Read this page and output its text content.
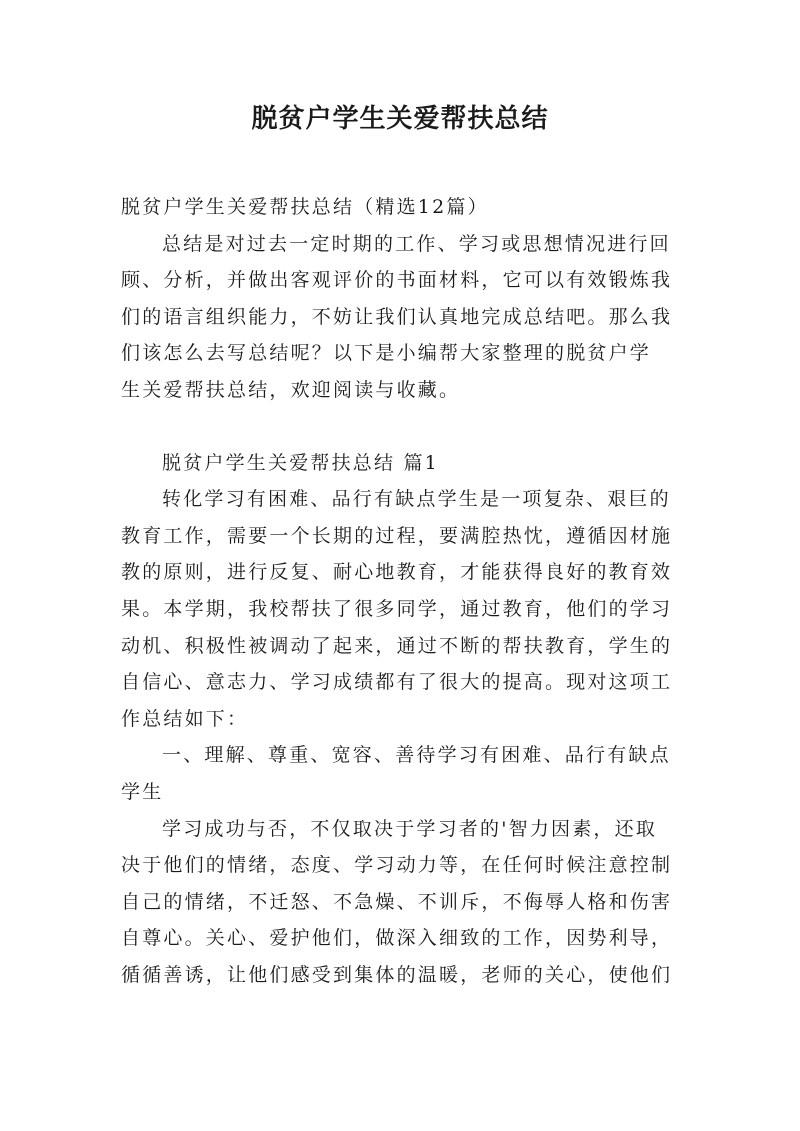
脱贫户学生关爱帮扶总结
脱贫户学生关爱帮扶总结（精选12篇）
总结是对过去一定时期的工作、学习或思想情况进行回
顾、分析，并做出客观评价的书面材料，它可以有效锻炼我
们的语言组织能力，不妨让我们认真地完成总结吧。那么我
们该怎么去写总结呢？以下是小编帮大家整理的脱贫户学
生关爱帮扶总结，欢迎阅读与收藏。
脱贫户学生关爱帮扶总结 篇1
转化学习有困难、品行有缺点学生是一项复杂、艰巨的
教育工作，需要一个长期的过程，要满腔热忱，遵循因材施
教的原则，进行反复、耐心地教育，才能获得良好的教育效
果。本学期，我校帮扶了很多同学，通过教育，他们的学习
动机、积极性被调动了起来，通过不断的帮扶教育，学生的
自信心、意志力、学习成绩都有了很大的提高。现对这项工
作总结如下：
一、理解、尊重、宽容、善待学习有困难、品行有缺点
学生
学习成功与否，不仅取决于学习者的'智力因素，还取
决于他们的情绪，态度、学习动力等，在任何时候注意控制
自己的情绪，不迁怒、不急燥、不训斥，不侮辱人格和伤害
自尊心。关心、爱护他们，做深入细致的工作，因势利导，
循循善诱，让他们感受到集体的温暖，老师的关心，使他们
